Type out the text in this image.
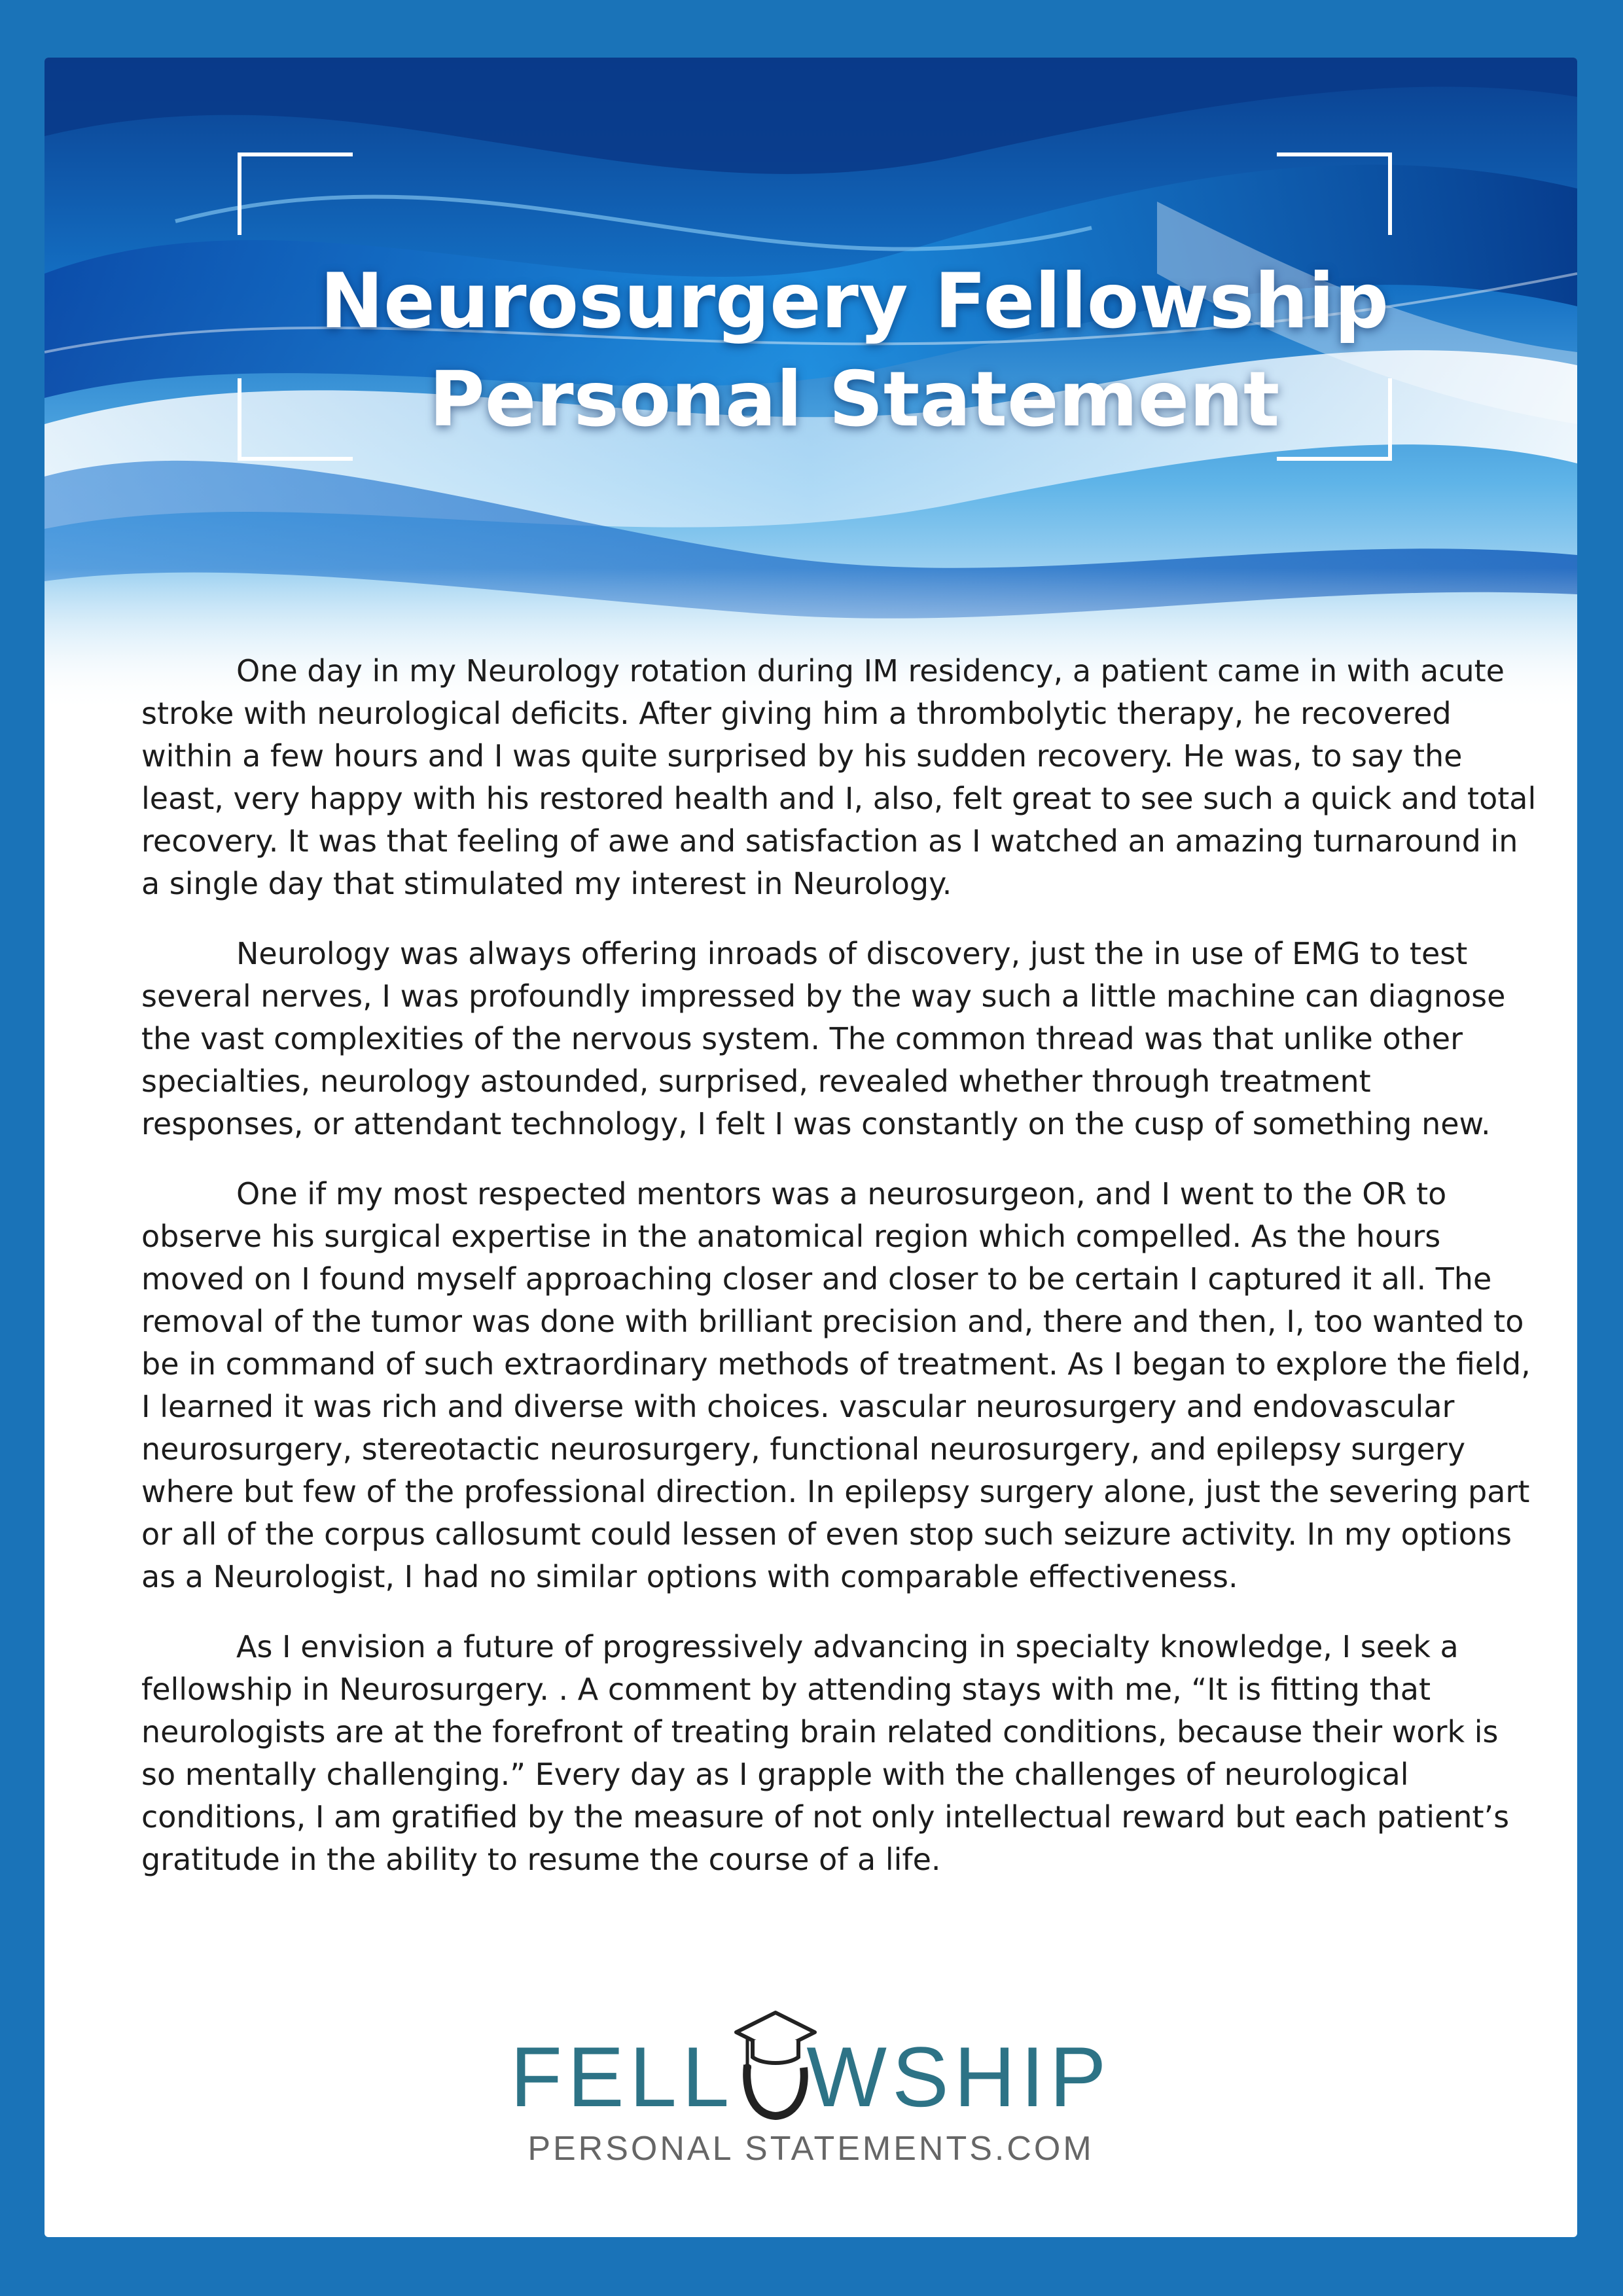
Neurosurgery Fellowship
Personal Statement

One day in my Neurology rotation during IM residency, a patient came in with acute stroke with neurological deficits. After giving him a thrombolytic therapy, he recovered within a few hours and I was quite surprised by his sudden recovery. He was, to say the least, very happy with his restored health and I, also, felt great to see such a quick and total recovery. It was that feeling of awe and satisfaction as I watched an amazing turnaround in a single day that stimulated my interest in Neurology.

Neurology was always offering inroads of discovery, just the in use of EMG to test several nerves, I was profoundly impressed by the way such a little machine can diagnose the vast complexities of the nervous system. The common thread was that unlike other specialties, neurology astounded, surprised, revealed whether through treatment responses, or attendant technology, I felt I was constantly on the cusp of something new.

One if my most respected mentors was a neurosurgeon, and I went to the OR to observe his surgical expertise in the anatomical region which compelled. As the hours moved on I found myself approaching closer and closer to be certain I captured it all. The removal of the tumor was done with brilliant precision and, there and then, I, too wanted to be in command of such extraordinary methods of treatment. As I began to explore the field, I learned it was rich and diverse with choices. vascular neurosurgery and endovascular neurosurgery, stereotactic neurosurgery, functional neurosurgery, and epilepsy surgery where but few of the professional direction. In epilepsy surgery alone, just the severing part or all of the corpus callosumt could lessen of even stop such seizure activity. In my options as a Neurologist, I had no similar options with comparable effectiveness.

As I envision a future of progressively advancing in specialty knowledge, I seek a fellowship in Neurosurgery. . A comment by attending stays with me, “It is fitting that neurologists are at the forefront of treating brain related conditions, because their work is so mentally challenging.” Every day as I grapple with the challenges of neurological conditions, I am gratified by the measure of not only intellectual reward but each patient’s gratitude in the ability to resume the course of a life.

FELL WSHIP
PERSONAL STATEMENTS.COM
